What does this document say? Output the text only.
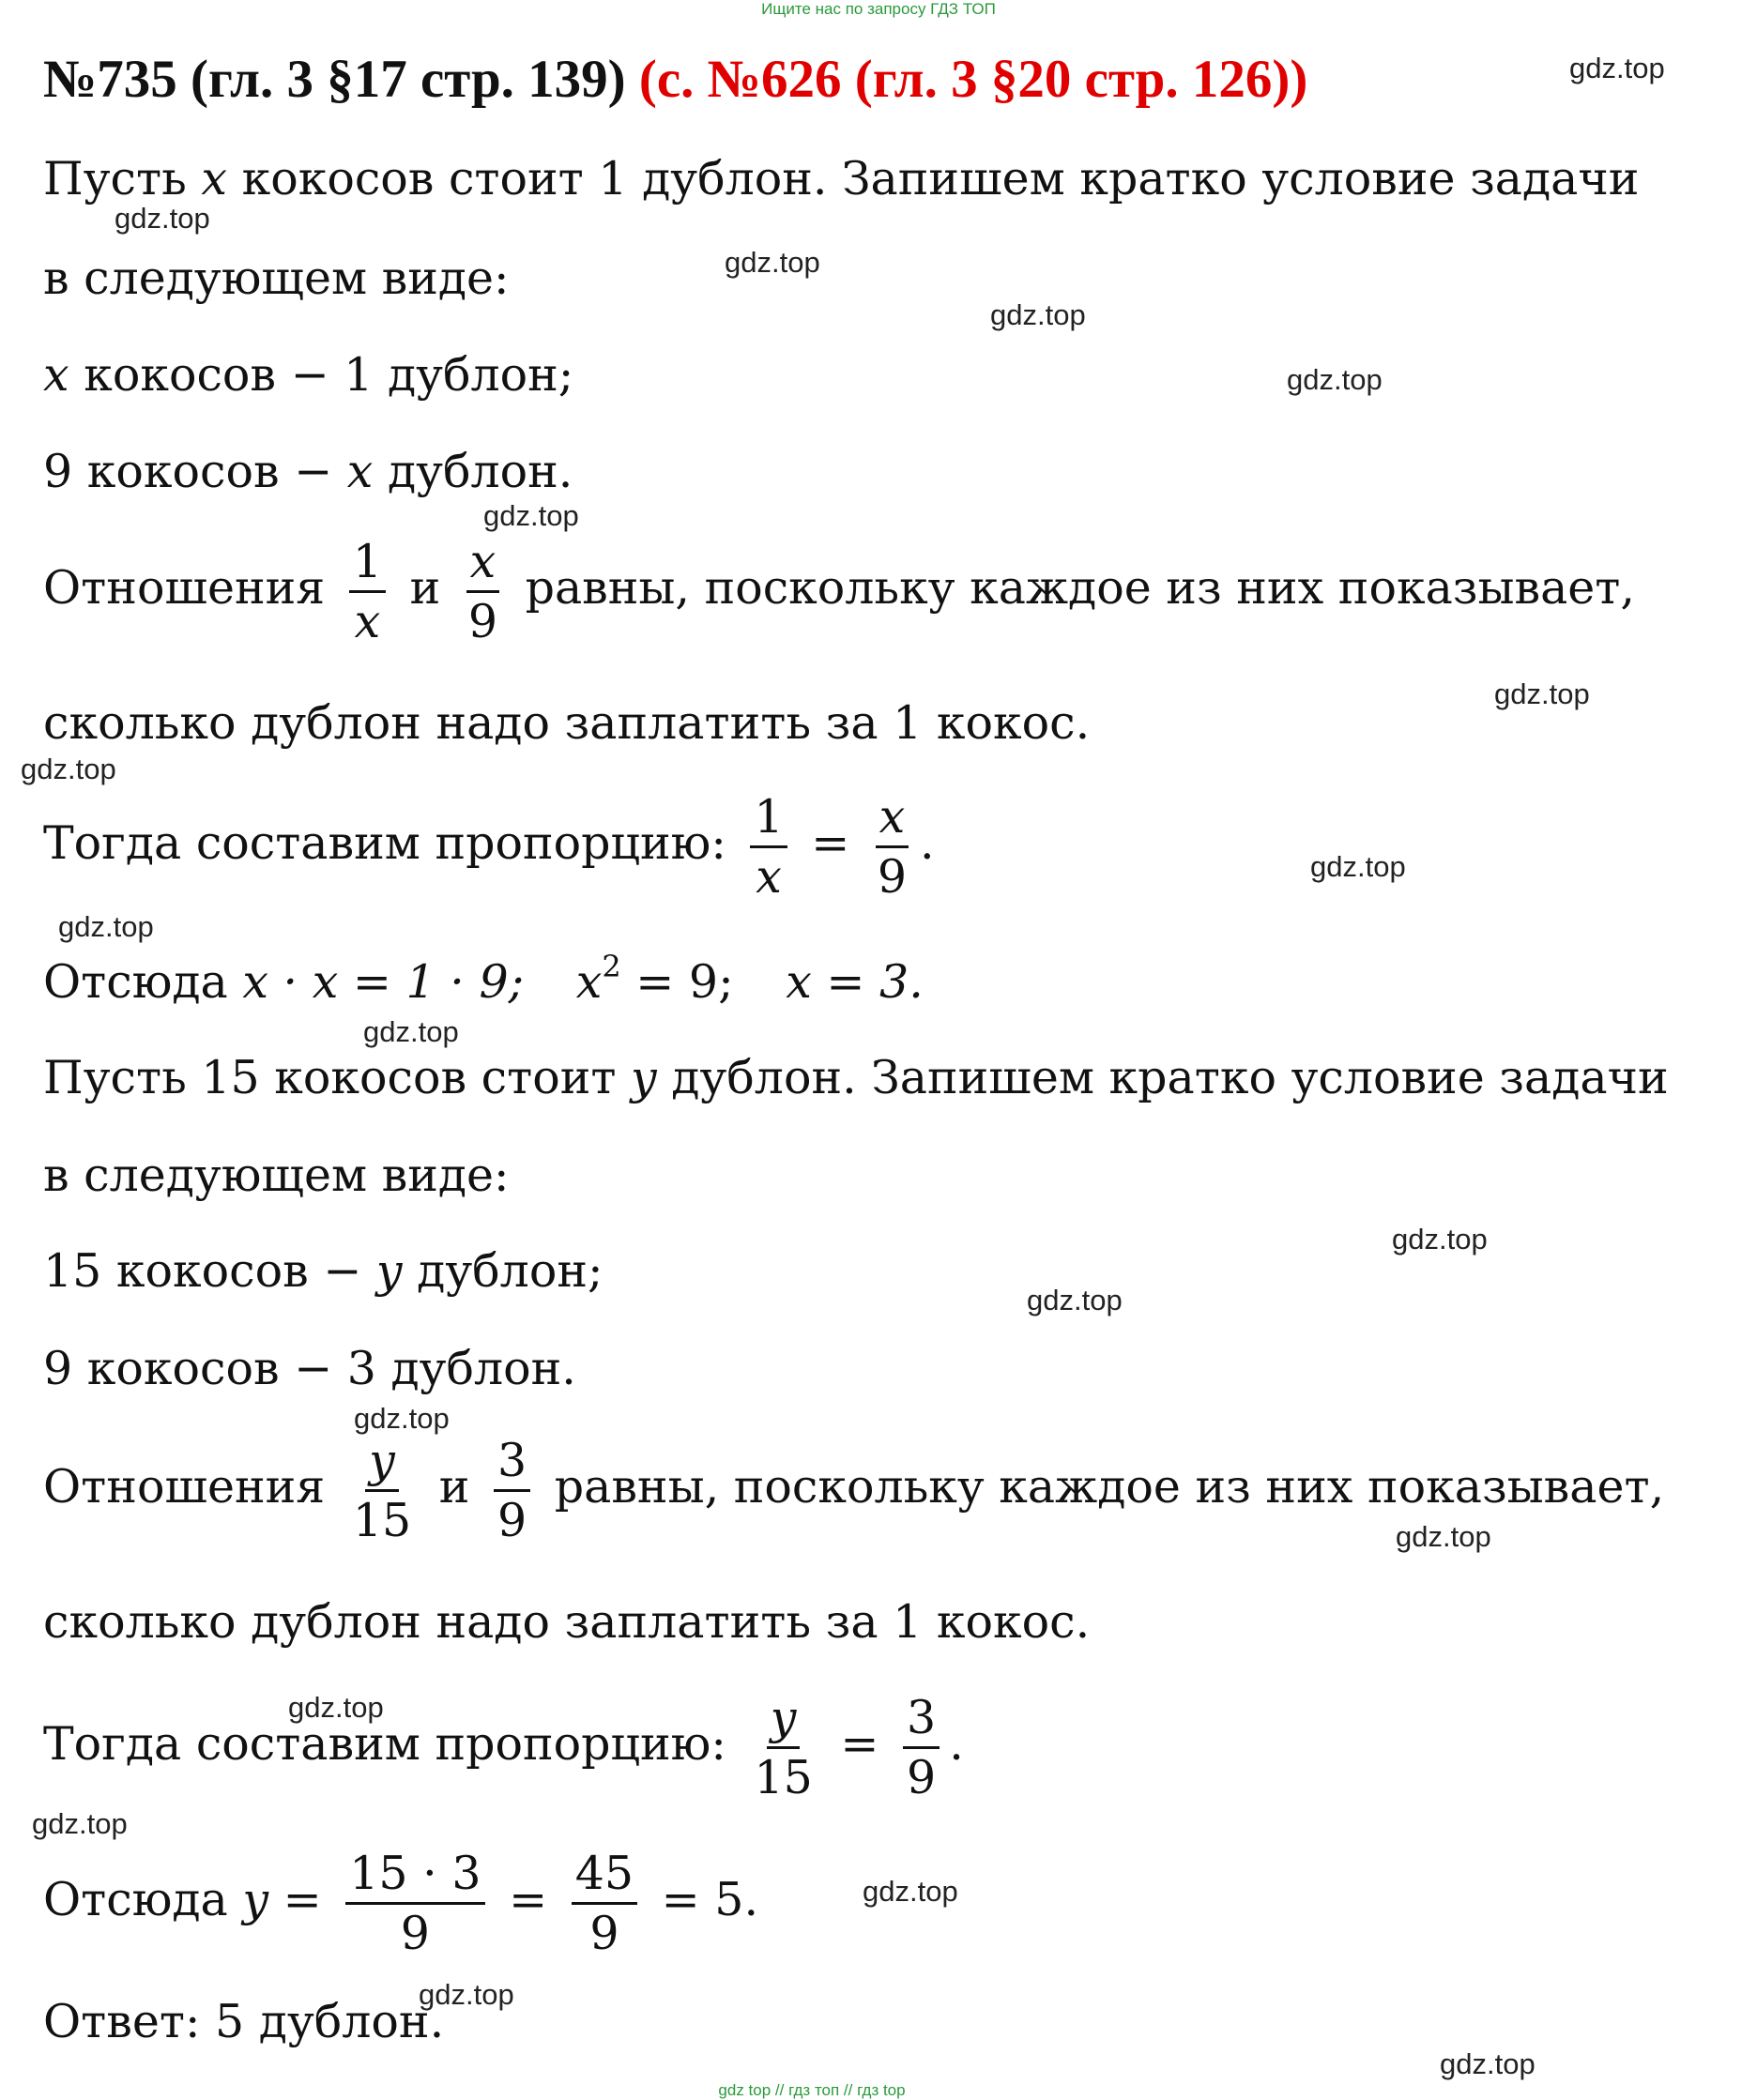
Ищите нас по запросу ГДЗ ТОП
№735 (гл. 3 §17 стр. 139) (с. №626 (гл. 3 §20 стр. 126))	gdz.top
gdz.top
gdz.top
gdz.top
gdz.top
gdz.top
gdz.top
gdz.top
gdz.top
gdz.top
gdz.top
gdz.top
gdz.top
gdz.top
gdz.top
gdz.top
gdz.top
gdz.top
gdz.top
gdz.top
Пусть x кокосов стоит 1 дублон. Запишем кратко условие задачи
в следующем виде:
x кокосов − 1 дублон;
9 кокосов − x дублон.
Отношения $\frac{1}{x}$ и $\frac{x}{9}$ равны, поскольку каждое из них показывает,
сколько дублон надо заплатить за 1 кокос.
Тогда составим пропорцию: $\frac{1}{x} = \frac{x}{9}$ .
Отсюда x · x = 1 · 9; $x^2 = 9$; x = 3.
Пусть 15 кокосов стоит y дублон. Запишем кратко условие задачи
в следующем виде:
15 кокосов − y дублон;
9 кокосов − 3 дублон.
Отношения $\frac{y}{15}$ и $\frac{3}{9}$ равны, поскольку каждое из них показывает,
сколько дублон надо заплатить за 1 кокос.
Тогда составим пропорцию: $\frac{y}{15} = \frac{3}{9}$ .
Отсюда $y = \frac{15 \cdot 3}{9} = \frac{45}{9} = 5$.
Ответ: 5 дублон.
gdz top // гдз топ // гдз top
